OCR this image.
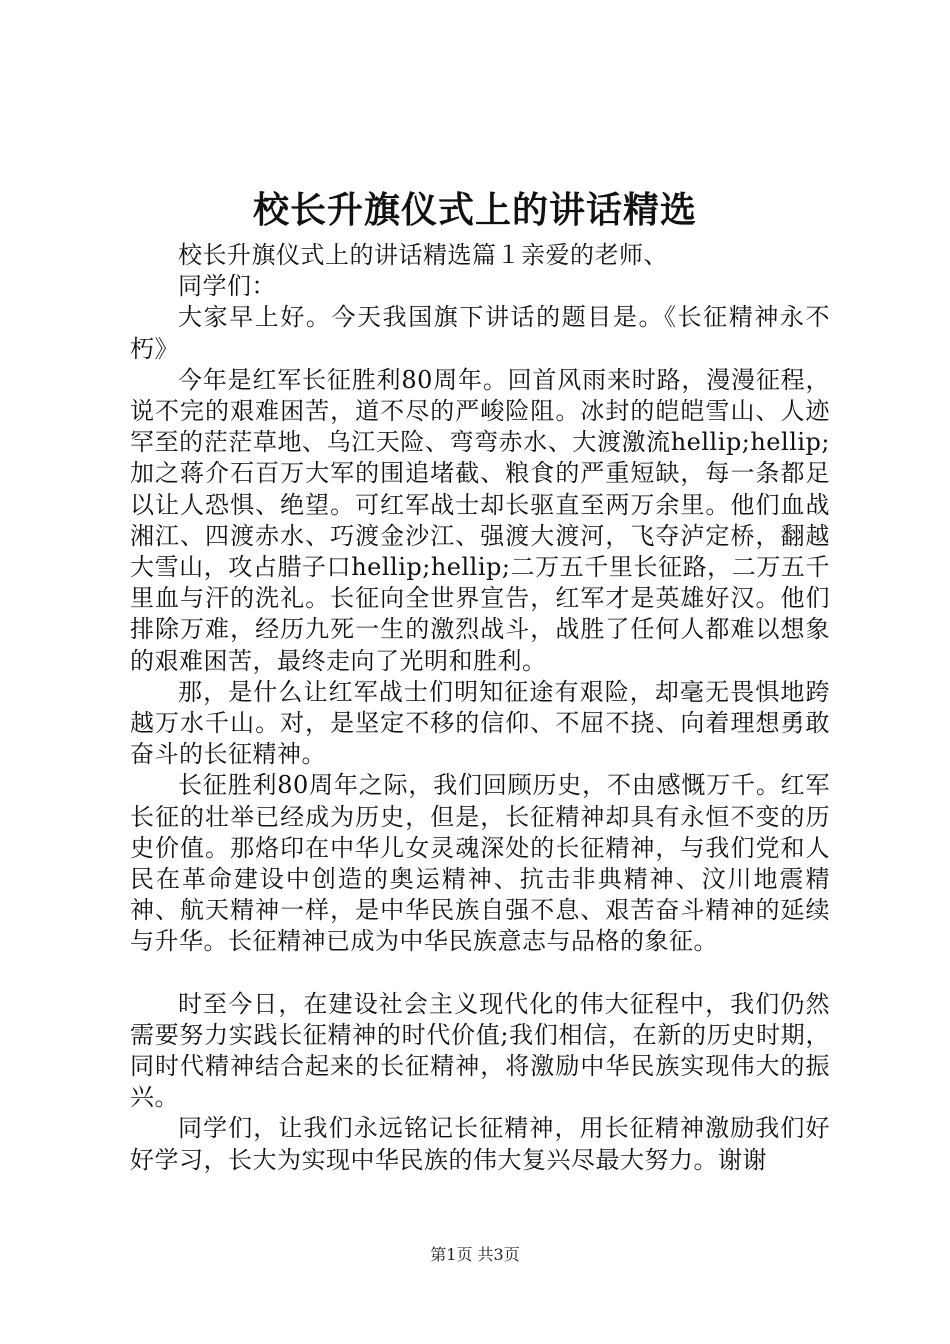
校长升旗仪式上的讲话精选

校长升旗仪式上的讲话精选篇１亲爱的老师、

同学们：

大家早上好。今天我国旗下讲话的题目是。《长征精神永不朽》

今年是红军长征胜利80周年。回首风雨来时路，漫漫征程，说不完的艰难困苦，道不尽的严峻险阻。冰封的皑皑雪山、人迹罕至的茫茫草地、乌江天险、弯弯赤水、大渡激流hellip;hellip;加之蒋介石百万大军的围追堵截、粮食的严重短缺，每一条都足以让人恐惧、绝望。可红军战士却长驱直至两万余里。他们血战湘江、四渡赤水、巧渡金沙江、强渡大渡河，飞夺泸定桥，翻越大雪山，攻占腊子口hellip;hellip;二万五千里长征路，二万五千里血与汗的洗礼。长征向全世界宣告，红军才是英雄好汉。他们排除万难，经历九死一生的激烈战斗，战胜了任何人都难以想象的艰难困苦，最终走向了光明和胜利。

那，是什么让红军战士们明知征途有艰险，却毫无畏惧地跨越万水千山。对，是坚定不移的信仰、不屈不挠、向着理想勇敢奋斗的长征精神。

长征胜利80周年之际，我们回顾历史，不由感慨万千。红军长征的壮举已经成为历史，但是，长征精神却具有永恒不变的历史价值。那烙印在中华儿女灵魂深处的长征精神，与我们党和人民在革命建设中创造的奥运精神、抗击非典精神、汶川地震精神、航天精神一样，是中华民族自强不息、艰苦奋斗精神的延续与升华。长征精神已成为中华民族意志与品格的象征。

时至今日，在建设社会主义现代化的伟大征程中，我们仍然需要努力实践长征精神的时代价值;我们相信，在新的历史时期，同时代精神结合起来的长征精神，将激励中华民族实现伟大的振兴。

同学们，让我们永远铭记长征精神，用长征精神激励我们好好学习，长大为实现中华民族的伟大复兴尽最大努力。谢谢

第1页 共3页
